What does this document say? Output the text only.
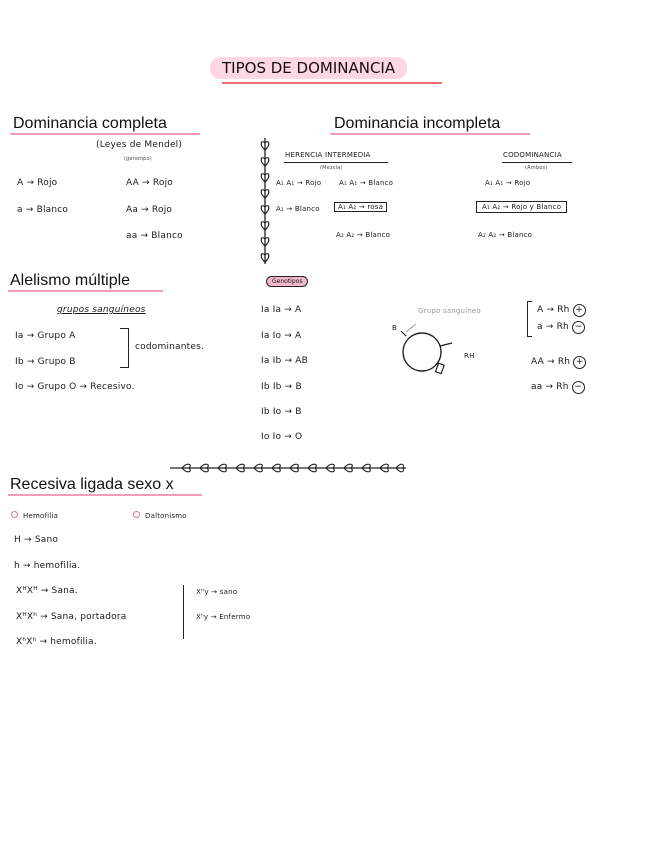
TIPOS DE DOMINANCIA
Dominancia completa
(Leyes de Mendel)
(genotipo)
A → Rojo
a → Blanco
AA → Rojo
Aa → Rojo
aa → Blanco
Dominancia incompleta
HERENCIA INTERMEDIA
(Mezcla)
A₁ A₁ → Rojo
A₁ → Blanco
A₁ A₁ → Blanco
A₁ A₂ → rosa
A₂ A₂ → Blanco
CODOMINANCIA
(Ambos)
A₁ A₁ → Rojo
A₁ A₂ → Rojo y Blanco
A₂ A₂ → Blanco
Alelismo múltiple
grupos sanguíneos
Ia → Grupo A
Ib → Grupo B
Io → Grupo O → Recesivo.
codominantes.
Genotipos
Ia Ia → A
Ia Io → A
Ia Ib → AB
Ib Ib → B
Ib Io → B
Io Io → O
Grupo sanguíneo
B
RH
A → Rh +
a → Rh −
AA → Rh +
aa → Rh −
Recesiva ligada sexo x
Hemofilia	Daltonismo
H → Sano
h → hemofilia.
XᴴXᴴ → Sana.
XᴴXʰ → Sana, portadora
XʰXʰ → hemofilia.
Xᴴy → sano
Xʰy → Enfermo
